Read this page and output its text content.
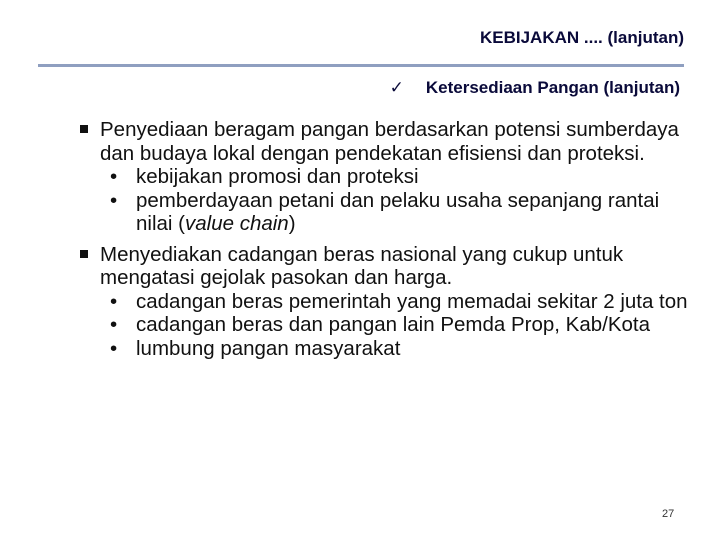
KEBIJAKAN .... (lanjutan)
✓ Ketersediaan Pangan (lanjutan)
Penyediaan beragam pangan berdasarkan potensi sumberdaya dan budaya lokal dengan pendekatan efisiensi dan proteksi.
• kebijakan promosi dan proteksi
• pemberdayaan petani dan pelaku usaha sepanjang rantai nilai (value chain)
Menyediakan cadangan beras nasional yang cukup untuk mengatasi gejolak pasokan dan harga.
• cadangan beras pemerintah yang memadai sekitar 2 juta ton
• cadangan beras dan pangan lain Pemda Prop, Kab/Kota
• lumbung pangan masyarakat
27
